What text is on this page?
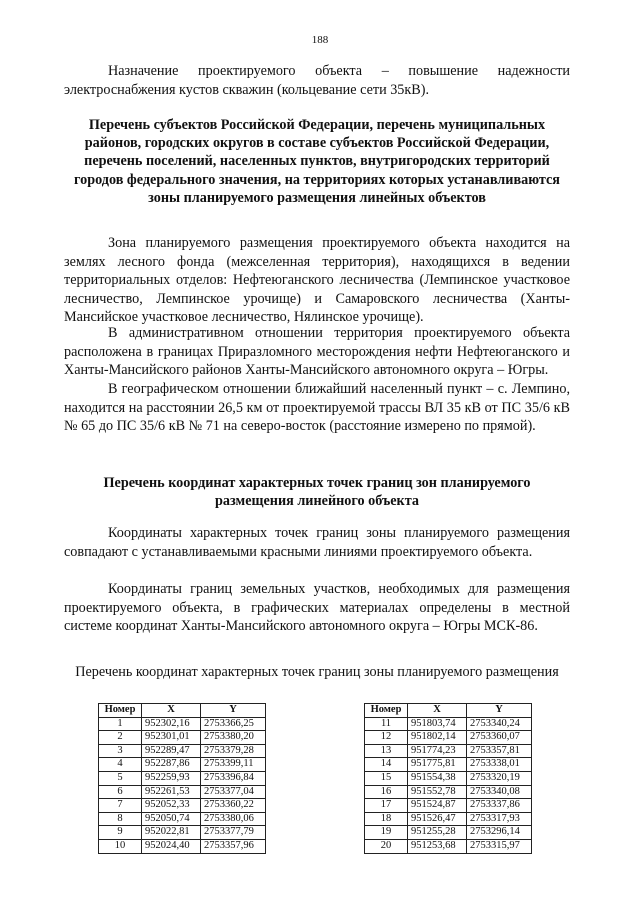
188
Назначение проектируемого объекта – повышение надежности электроснабжения кустов скважин (кольцевание сети 35кВ).
Перечень субъектов Российской Федерации, перечень муниципальных районов, городских округов в составе субъектов Российской Федерации, перечень поселений, населенных пунктов, внутригородских территорий городов федерального значения, на территориях которых устанавливаются зоны планируемого размещения линейных объектов
Зона планируемого размещения проектируемого объекта находится на землях лесного фонда (межселенная территория), находящихся в ведении территориальных отделов: Нефтеюганского лесничества (Лемпинское участковое лесничество, Лемпинское урочище) и Самаровского лесничества (Ханты-Мансийское участковое лесничество, Нялинское урочище).
В административном отношении территория проектируемого объекта расположена в границах Приразломного месторождения нефти Нефтеюганского и Ханты-Мансийского районов Ханты-Мансийского автономного округа – Югры.
В географическом отношении ближайший населенный пункт – с. Лемпино, находится на расстоянии 26,5 км от проектируемой трассы ВЛ 35 кВ от ПС 35/6 кВ № 65 до ПС 35/6 кВ № 71 на северо-восток (расстояние измерено по прямой).
Перечень координат характерных точек границ зон планируемого размещения линейного объекта
Координаты характерных точек границ зоны планируемого размещения совпадают с устанавливаемыми красными линиями проектируемого объекта.
Координаты границ земельных участков, необходимых для размещения проектируемого объекта, в графических материалах определены в местной системе координат Ханты-Мансийского автономного округа – Югры МСК-86.
Перечень координат характерных точек границ зоны планируемого размещения
Номер	X	Y
1	952302,16	2753366,25
2	952301,01	2753380,20
3	952289,47	2753379,28
4	952287,86	2753399,11
5	952259,93	2753396,84
6	952261,53	2753377,04
7	952052,33	2753360,22
8	952050,74	2753380,06
9	952022,81	2753377,79
10	952024,40	2753357,96
Номер	X	Y
11	951803,74	2753340,24
12	951802,14	2753360,07
13	951774,23	2753357,81
14	951775,81	2753338,01
15	951554,38	2753320,19
16	951552,78	2753340,08
17	951524,87	2753337,86
18	951526,47	2753317,93
19	951255,28	2753296,14
20	951253,68	2753315,97
